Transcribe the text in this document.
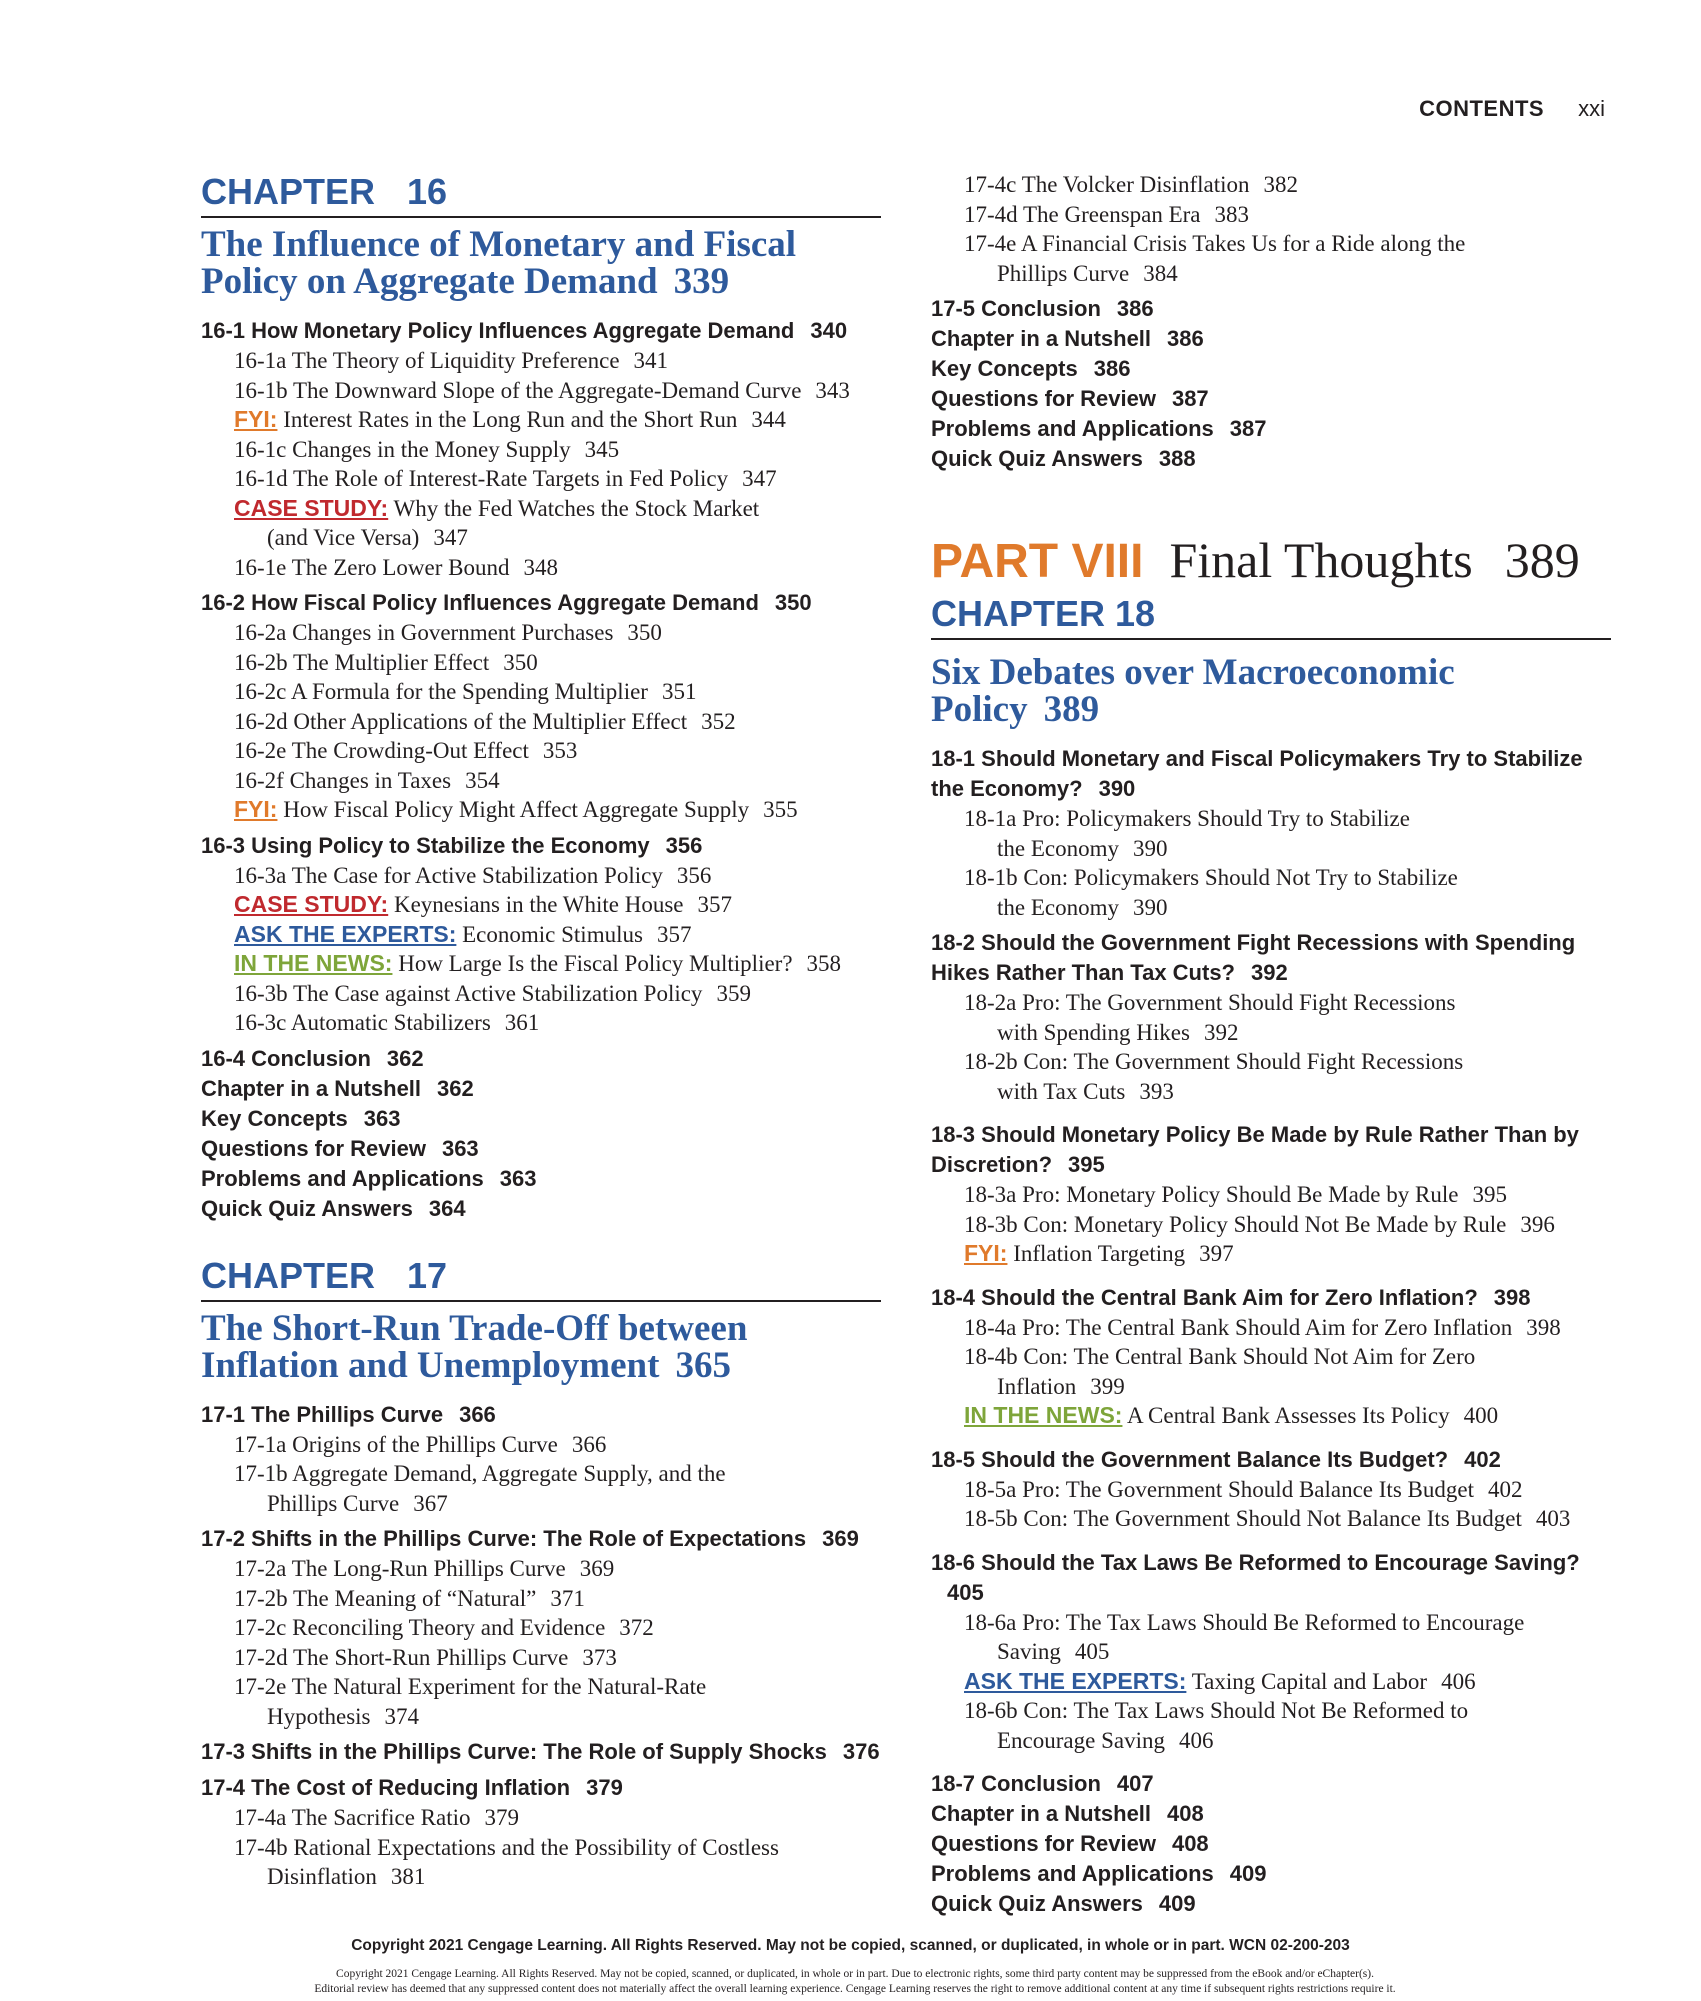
CONTENTS xxi
CHAPTER 16
The Influence of Monetary and Fiscal
Policy on Aggregate Demand 339
16-1 How Monetary Policy Influences Aggregate Demand 340
16-1a The Theory of Liquidity Preference 341
16-1b The Downward Slope of the Aggregate-Demand Curve 343
FYI: Interest Rates in the Long Run and the Short Run 344
16-1c Changes in the Money Supply 345
16-1d The Role of Interest-Rate Targets in Fed Policy 347
CASE STUDY: Why the Fed Watches the Stock Market
(and Vice Versa) 347
16-1e The Zero Lower Bound 348
16-2 How Fiscal Policy Influences Aggregate Demand 350
16-2a Changes in Government Purchases 350
16-2b The Multiplier Effect 350
16-2c A Formula for the Spending Multiplier 351
16-2d Other Applications of the Multiplier Effect 352
16-2e The Crowding-Out Effect 353
16-2f Changes in Taxes 354
FYI: How Fiscal Policy Might Affect Aggregate Supply 355
16-3 Using Policy to Stabilize the Economy 356
16-3a The Case for Active Stabilization Policy 356
CASE STUDY: Keynesians in the White House 357
ASK THE EXPERTS: Economic Stimulus 357
IN THE NEWS: How Large Is the Fiscal Policy Multiplier? 358
16-3b The Case against Active Stabilization Policy 359
16-3c Automatic Stabilizers 361
16-4 Conclusion 362
Chapter in a Nutshell 362
Key Concepts 363
Questions for Review 363
Problems and Applications 363
Quick Quiz Answers 364
CHAPTER 17
The Short-Run Trade-Off between
Inflation and Unemployment 365
17-1 The Phillips Curve 366
17-1a Origins of the Phillips Curve 366
17-1b Aggregate Demand, Aggregate Supply, and the
Phillips Curve 367
17-2 Shifts in the Phillips Curve: The Role of Expectations 369
17-2a The Long-Run Phillips Curve 369
17-2b The Meaning of “Natural” 371
17-2c Reconciling Theory and Evidence 372
17-2d The Short-Run Phillips Curve 373
17-2e The Natural Experiment for the Natural-Rate
Hypothesis 374
17-3 Shifts in the Phillips Curve: The Role of Supply Shocks 376
17-4 The Cost of Reducing Inflation 379
17-4a The Sacrifice Ratio 379
17-4b Rational Expectations and the Possibility of Costless
Disinflation 381
17-4c The Volcker Disinflation 382
17-4d The Greenspan Era 383
17-4e A Financial Crisis Takes Us for a Ride along the
Phillips Curve 384
17-5 Conclusion 386
Chapter in a Nutshell 386
Key Concepts 386
Questions for Review 387
Problems and Applications 387
Quick Quiz Answers 388
PART VIII Final Thoughts 389
CHAPTER 18
Six Debates over Macroeconomic
Policy 389
18-1 Should Monetary and Fiscal Policymakers Try to Stabilize
the Economy? 390
18-1a Pro: Policymakers Should Try to Stabilize
the Economy 390
18-1b Con: Policymakers Should Not Try to Stabilize
the Economy 390
18-2 Should the Government Fight Recessions with Spending
Hikes Rather Than Tax Cuts? 392
18-2a Pro: The Government Should Fight Recessions
with Spending Hikes 392
18-2b Con: The Government Should Fight Recessions
with Tax Cuts 393
18-3 Should Monetary Policy Be Made by Rule Rather Than by
Discretion? 395
18-3a Pro: Monetary Policy Should Be Made by Rule 395
18-3b Con: Monetary Policy Should Not Be Made by Rule 396
FYI: Inflation Targeting 397
18-4 Should the Central Bank Aim for Zero Inflation? 398
18-4a Pro: The Central Bank Should Aim for Zero Inflation 398
18-4b Con: The Central Bank Should Not Aim for Zero
Inflation 399
IN THE NEWS: A Central Bank Assesses Its Policy 400
18-5 Should the Government Balance Its Budget? 402
18-5a Pro: The Government Should Balance Its Budget 402
18-5b Con: The Government Should Not Balance Its Budget 403
18-6 Should the Tax Laws Be Reformed to Encourage Saving?405
18-6a Pro: The Tax Laws Should Be Reformed to Encourage
Saving 405
ASK THE EXPERTS: Taxing Capital and Labor 406
18-6b Con: The Tax Laws Should Not Be Reformed to
Encourage Saving 406
18-7 Conclusion 407
Chapter in a Nutshell 408
Questions for Review 408
Problems and Applications 409
Quick Quiz Answers 409
Copyright 2021 Cengage Learning. All Rights Reserved. May not be copied, scanned, or duplicated, in whole or in part. WCN 02-200-203
Copyright 2021 Cengage Learning. All Rights Reserved. May not be copied, scanned, or duplicated, in whole or in part. Due to electronic rights, some third party content may be suppressed from the eBook and/or eChapter(s).
Editorial review has deemed that any suppressed content does not materially affect the overall learning experience. Cengage Learning reserves the right to remove additional content at any time if subsequent rights restrictions require it.
